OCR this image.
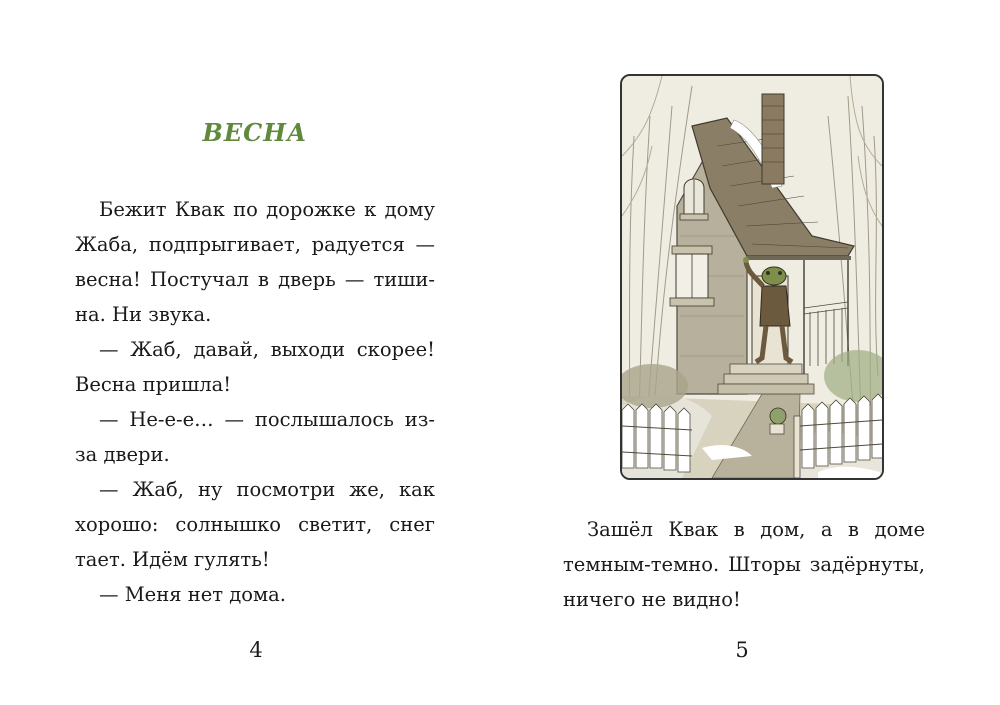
ВЕСНА
Бежит Квак по дорожке к дому
Жаба, подпрыгивает, радуется —
весна! Постучал в дверь — тиши-
на. Ни звука.
— Жаб, давай, выходи скорее!
Весна пришла!
— Не-е-е… — послышалось из-
за двери.
— Жаб, ну посмотри же, как
хорошо: солнышко светит, снег
тает. Идём гулять!
— Меня нет дома.
4
Зашёл Квак в дом, а в доме
темным-темно. Шторы задёрнуты,
ничего не видно!
5
